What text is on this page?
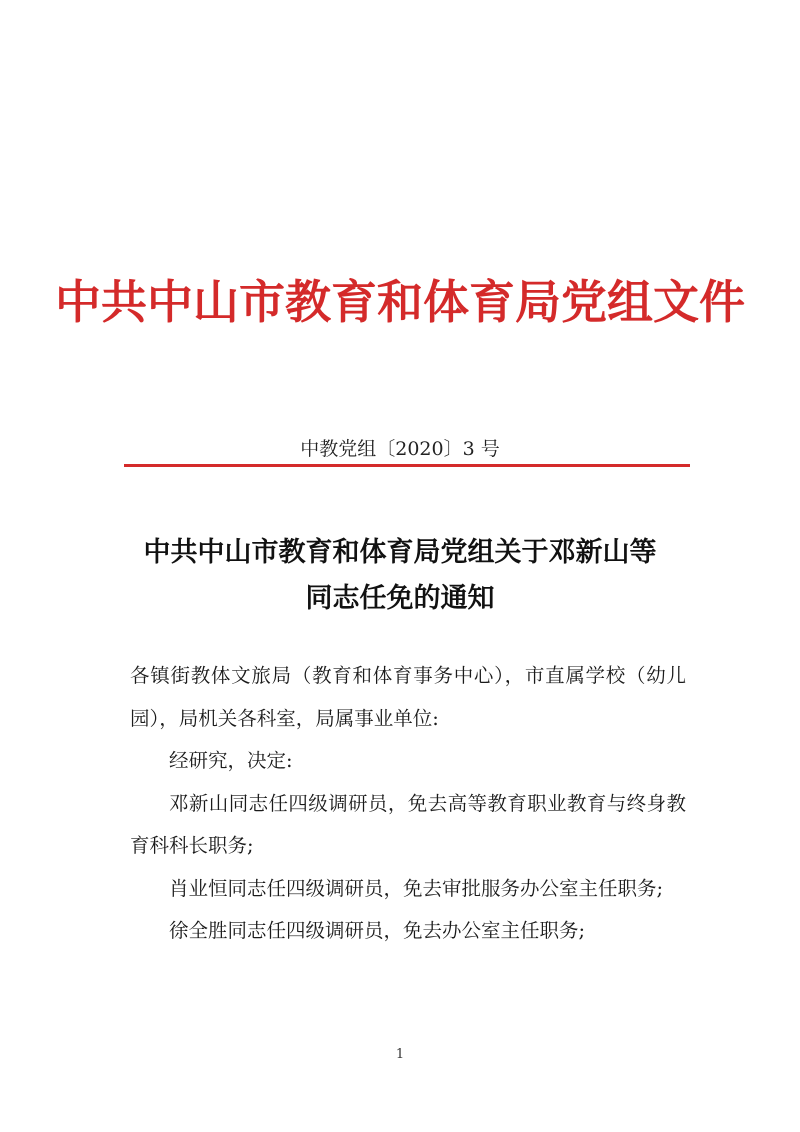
中共中山市教育和体育局党组文件
中教党组〔2020〕3 号
中共中山市教育和体育局党组关于邓新山等
同志任免的通知

各镇街教体文旅局（教育和体育事务中心），市直属学校（幼儿园），局机关各科室，局属事业单位:

经研究，决定:

邓新山同志任四级调研员，免去高等教育职业教育与终身教育科科长职务;

肖业恒同志任四级调研员，免去审批服务办公室主任职务;

徐全胜同志任四级调研员，免去办公室主任职务;

1
